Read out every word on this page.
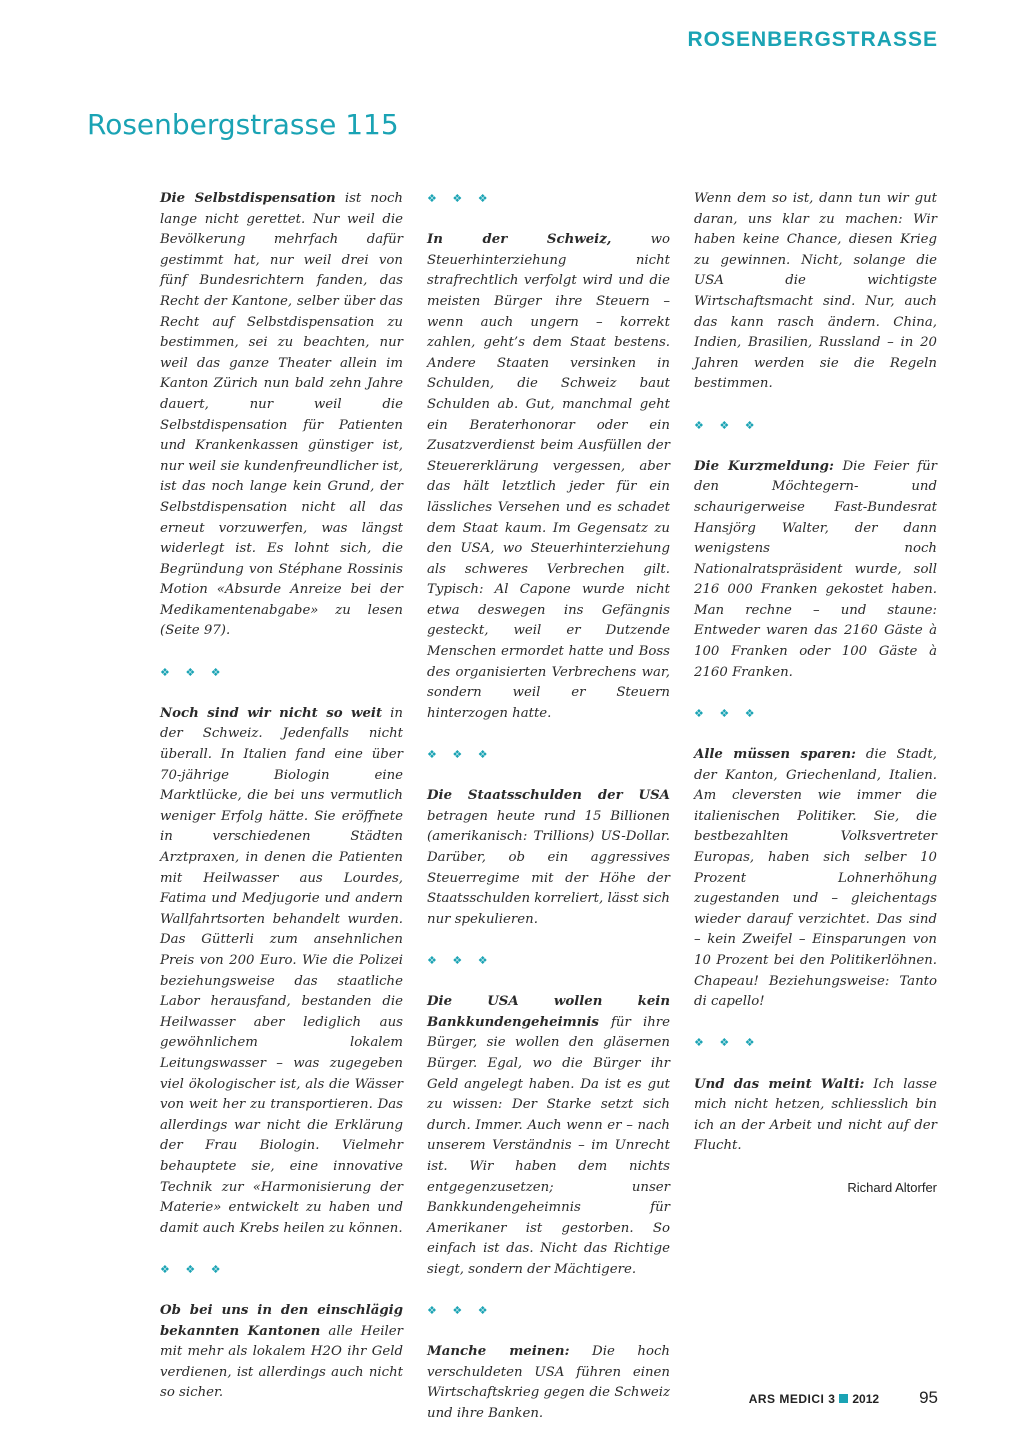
ROSENBERGSTRASSE
Rosenbergstrasse 115

Die Selbstdispensation ist noch lange nicht gerettet. Nur weil die Bevölkerung mehrfach dafür gestimmt hat, nur weil drei von fünf Bundesrichtern fanden, das Recht der Kantone, selber über das Recht auf Selbstdispensation zu bestimmen, sei zu beachten, nur weil das ganze Theater allein im Kanton Zürich nun bald zehn Jahre dauert, nur weil die Selbstdispensation für Patienten und Krankenkassen günstiger ist, nur weil sie kundenfreundlicher ist, ist das noch lange kein Grund, der Selbstdispensation nicht all das erneut vorzuwerfen, was längst widerlegt ist. Es lohnt sich, die Begründung von Stéphane Rossinis Motion «Absurde Anreize bei der Medikamentenabgabe» zu lesen (Seite 97).

❖ ❖ ❖

Noch sind wir nicht so weit in der Schweiz. Jedenfalls nicht überall. In Italien fand eine über 70-jährige Biologin eine Marktlücke, die bei uns vermutlich weniger Erfolg hätte. Sie eröffnete in verschiedenen Städten Arztpraxen, in denen die Patienten mit Heilwasser aus Lourdes, Fatima und Medjugorie und andern Wallfahrtsorten behandelt wurden. Das Gütterli zum ansehnlichen Preis von 200 Euro. Wie die Polizei beziehungsweise das staatliche Labor herausfand, bestanden die Heilwasser aber lediglich aus gewöhnlichem lokalem Leitungswasser – was zugegeben viel ökologischer ist, als die Wässer von weit her zu transportieren. Das allerdings war nicht die Erklärung der Frau Biologin. Vielmehr behauptete sie, eine innovative Technik zur «Harmonisierung der Materie» entwickelt zu haben und damit auch Krebs heilen zu können.

❖ ❖ ❖

Ob bei uns in den einschlägig bekannten Kantonen alle Heiler mit mehr als lokalem H2O ihr Geld verdienen, ist allerdings auch nicht so sicher.

❖ ❖ ❖

In der Schweiz, wo Steuerhinterziehung nicht strafrechtlich verfolgt wird und die meisten Bürger ihre Steuern – wenn auch ungern – korrekt zahlen, geht’s dem Staat bestens. Andere Staaten versinken in Schulden, die Schweiz baut Schulden ab. Gut, manchmal geht ein Beraterhonorar oder ein Zusatzverdienst beim Ausfüllen der Steuererklärung vergessen, aber das hält letztlich jeder für ein lässliches Versehen und es schadet dem Staat kaum. Im Gegensatz zu den USA, wo Steuerhinterziehung als schweres Verbrechen gilt. Typisch: Al Capone wurde nicht etwa deswegen ins Gefängnis gesteckt, weil er Dutzende Menschen ermordet hatte und Boss des organisierten Verbrechens war, sondern weil er Steuern hinterzogen hatte.

❖ ❖ ❖

Die Staatsschulden der USA betragen heute rund 15 Billionen (amerikanisch: Trillions) US-Dollar. Darüber, ob ein aggressives Steuerregime mit der Höhe der Staatsschulden korreliert, lässt sich nur spekulieren.

❖ ❖ ❖

Die USA wollen kein Bankkundengeheimnis für ihre Bürger, sie wollen den gläsernen Bürger. Egal, wo die Bürger ihr Geld angelegt haben. Da ist es gut zu wissen: Der Starke setzt sich durch. Immer. Auch wenn er – nach unserem Verständnis – im Unrecht ist. Wir haben dem nichts entgegenzusetzen; unser Bankkundengeheimnis für Amerikaner ist gestorben. So einfach ist das. Nicht das Richtige siegt, sondern der Mächtigere.

❖ ❖ ❖

Manche meinen: Die hoch verschuldeten USA führen einen Wirtschaftskrieg gegen die Schweiz und ihre Banken.

Wenn dem so ist, dann tun wir gut daran, uns klar zu machen: Wir haben keine Chance, diesen Krieg zu gewinnen. Nicht, solange die USA die wichtigste Wirtschaftsmacht sind. Nur, auch das kann rasch ändern. China, Indien, Brasilien, Russland – in 20 Jahren werden sie die Regeln bestimmen.

❖ ❖ ❖

Die Kurzmeldung: Die Feier für den Möchtegern- und schaurigerweise Fast-Bundesrat Hansjörg Walter, der dann wenigstens noch Nationalratspräsident wurde, soll 216 000 Franken gekostet haben. Man rechne – und staune: Entweder waren das 2160 Gäste à 100 Franken oder 100 Gäste à 2160 Franken.

❖ ❖ ❖

Alle müssen sparen: die Stadt, der Kanton, Griechenland, Italien. Am cleversten wie immer die italienischen Politiker. Sie, die bestbezahlten Volksvertreter Europas, haben sich selber 10 Prozent Lohnerhöhung zugestanden und – gleichentags wieder darauf verzichtet. Das sind – kein Zweifel – Einsparungen von 10 Prozent bei den Politikerlöhnen. Chapeau! Beziehungsweise: Tanto di capello!

❖ ❖ ❖

Und das meint Walti: Ich lasse mich nicht hetzen, schliesslich bin ich an der Arbeit und nicht auf der Flucht.

Richard Altorfer

ARS MEDICI 3 2012 95
